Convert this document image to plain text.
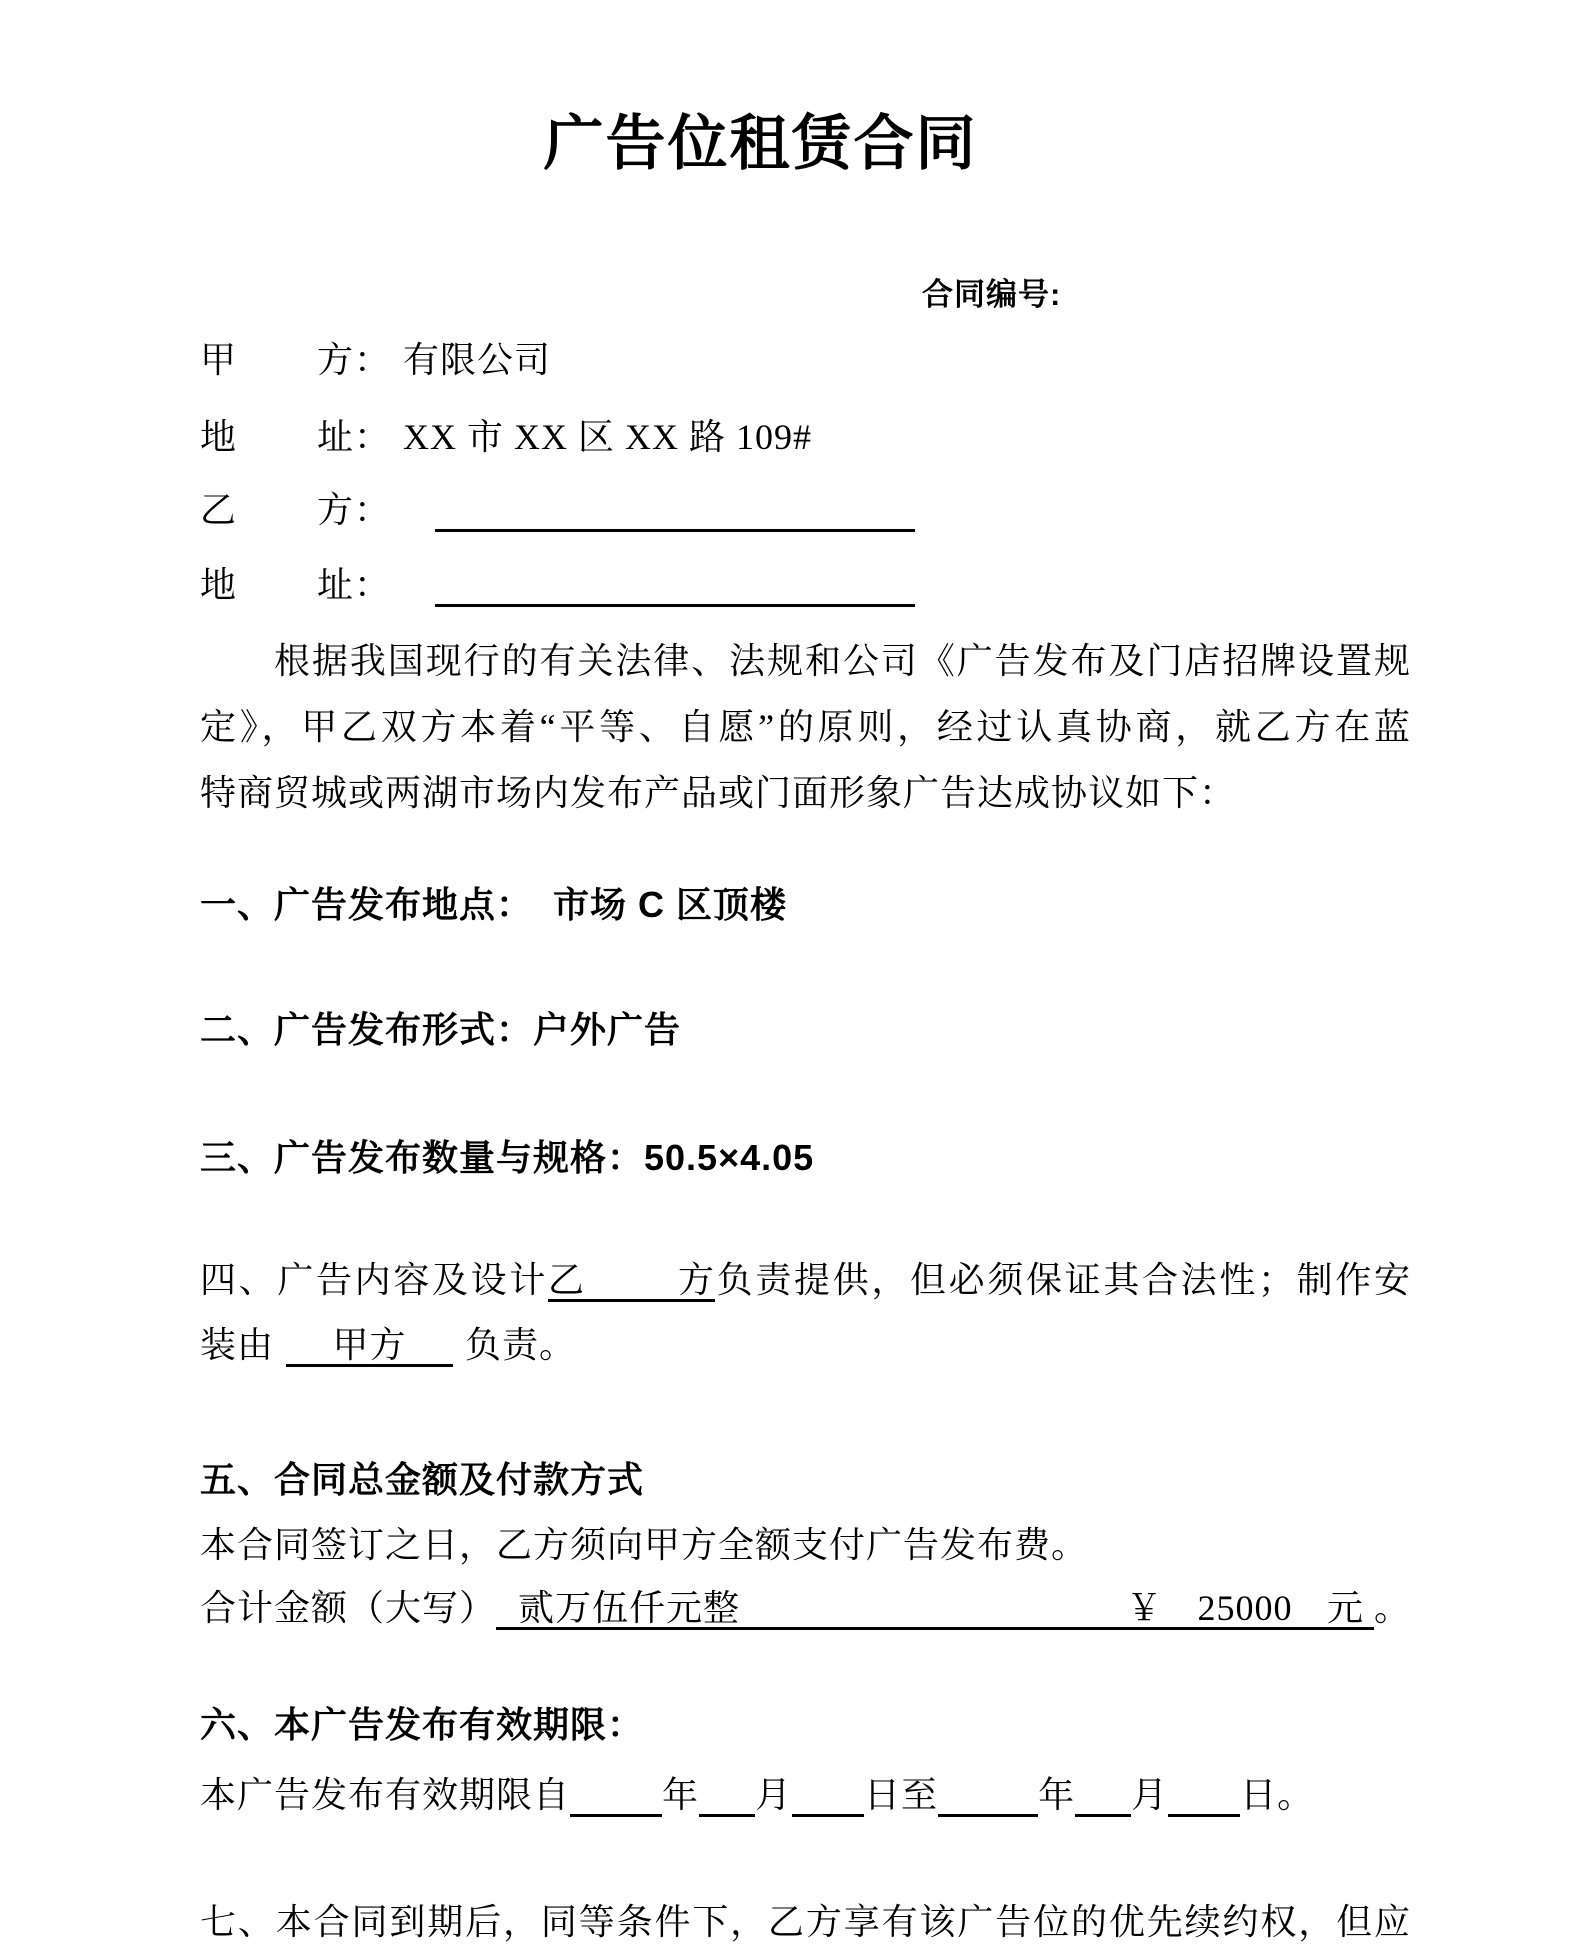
广告位租赁合同
合同编号:
甲 方 ： 有限公司
地 址 ： XX 市 XX 区 XX 路 109#
乙 方 ：
地 址 ：
根据我国现行的有关法律、法规和公司《广告发布及门店招牌设置规
定》，甲乙双方本着“平等、自愿”的原则，经过认真协商，就乙方在蓝
特商贸城或两湖市场内发布产品或门面形象广告达成协议如下：
一、广告发布地点： 市场 C 区顶楼
二、广告发布形式：户外广告
三、广告发布数量与规格：50.5×4.05
四、广告内容及设计乙方负责提供，但必须保证其合法性；制作安
装由 甲方 负责。
五、合同总金额及付款方式
本合同签订之日，乙方须向甲方全额支付广告发布费。
合计金额（大写） 贰万伍仟元整	￥ 25000 元 。
六、本广告发布有效期限：
本广告发布有效期限自	年 月 日至	年 月 日。
七、本合同到期后，同等条件下，乙方享有该广告位的优先续约权，但应
